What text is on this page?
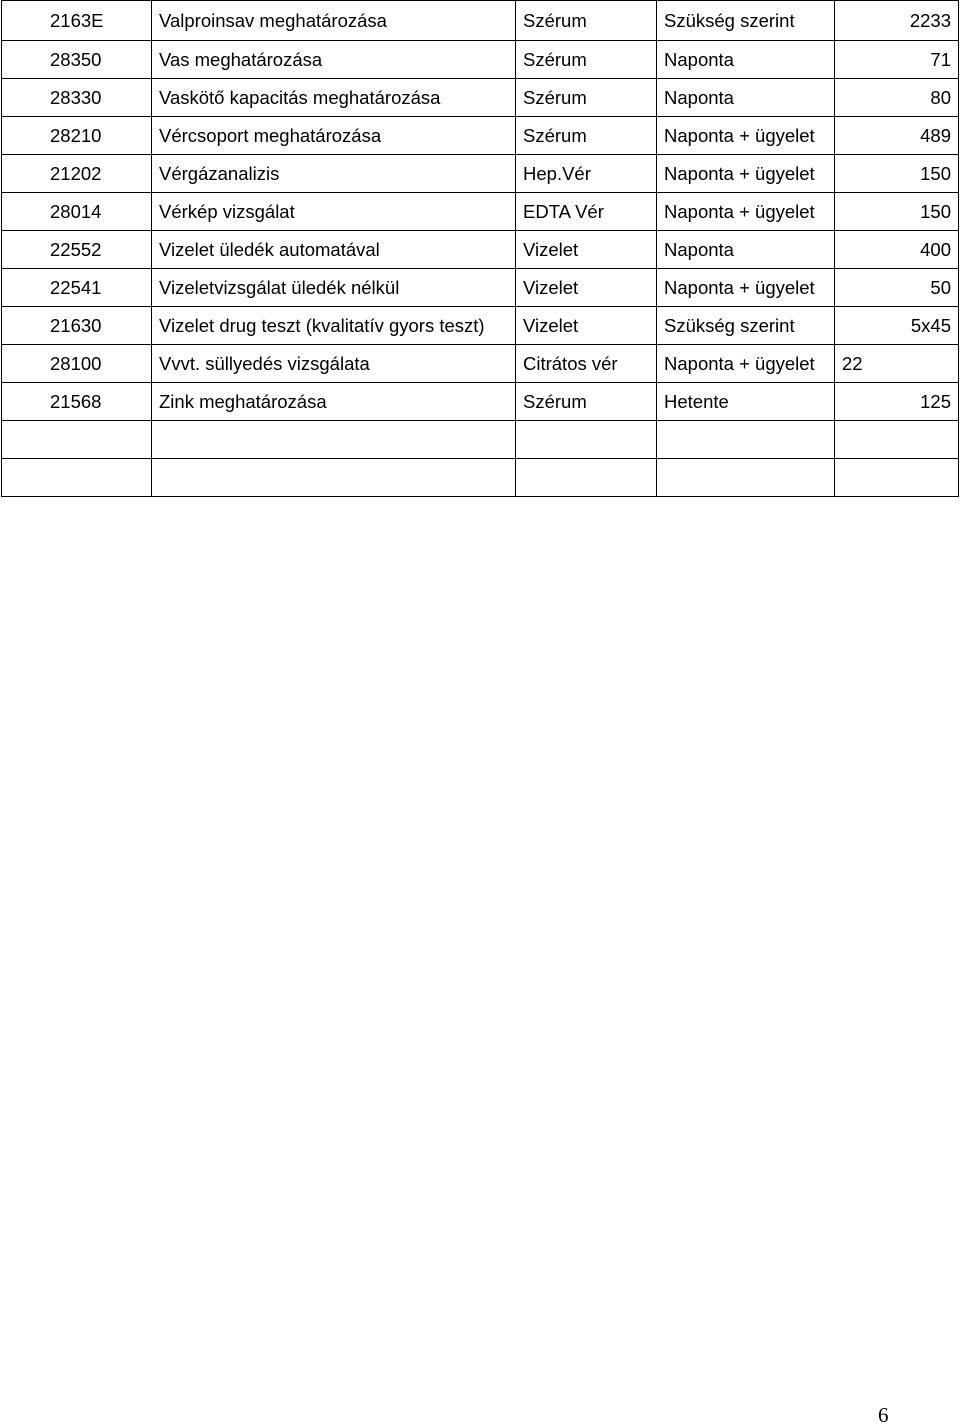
2163E	Valproinsav meghatározása	Szérum	Szükség szerint	2233
28350	Vas meghatározása	Szérum	Naponta	71
28330	Vaskötő kapacitás meghatározása	Szérum	Naponta	80
28210	Vércsoport meghatározása	Szérum	Naponta + ügyelet	489
21202	Vérgázanalizis	Hep.Vér	Naponta + ügyelet	150
28014	Vérkép vizsgálat	EDTA Vér	Naponta + ügyelet	150
22552	Vizelet üledék automatával	Vizelet	Naponta	400
22541	Vizeletvizsgálat üledék nélkül	Vizelet	Naponta + ügyelet	50
21630	Vizelet drug teszt (kvalitatív gyors teszt)	Vizelet	Szükség szerint	5x45
28100	Vvvt. süllyedés vizsgálata	Citrátos vér	Naponta + ügyelet	22
21568	Zink meghatározása	Szérum	Hetente	125

6
